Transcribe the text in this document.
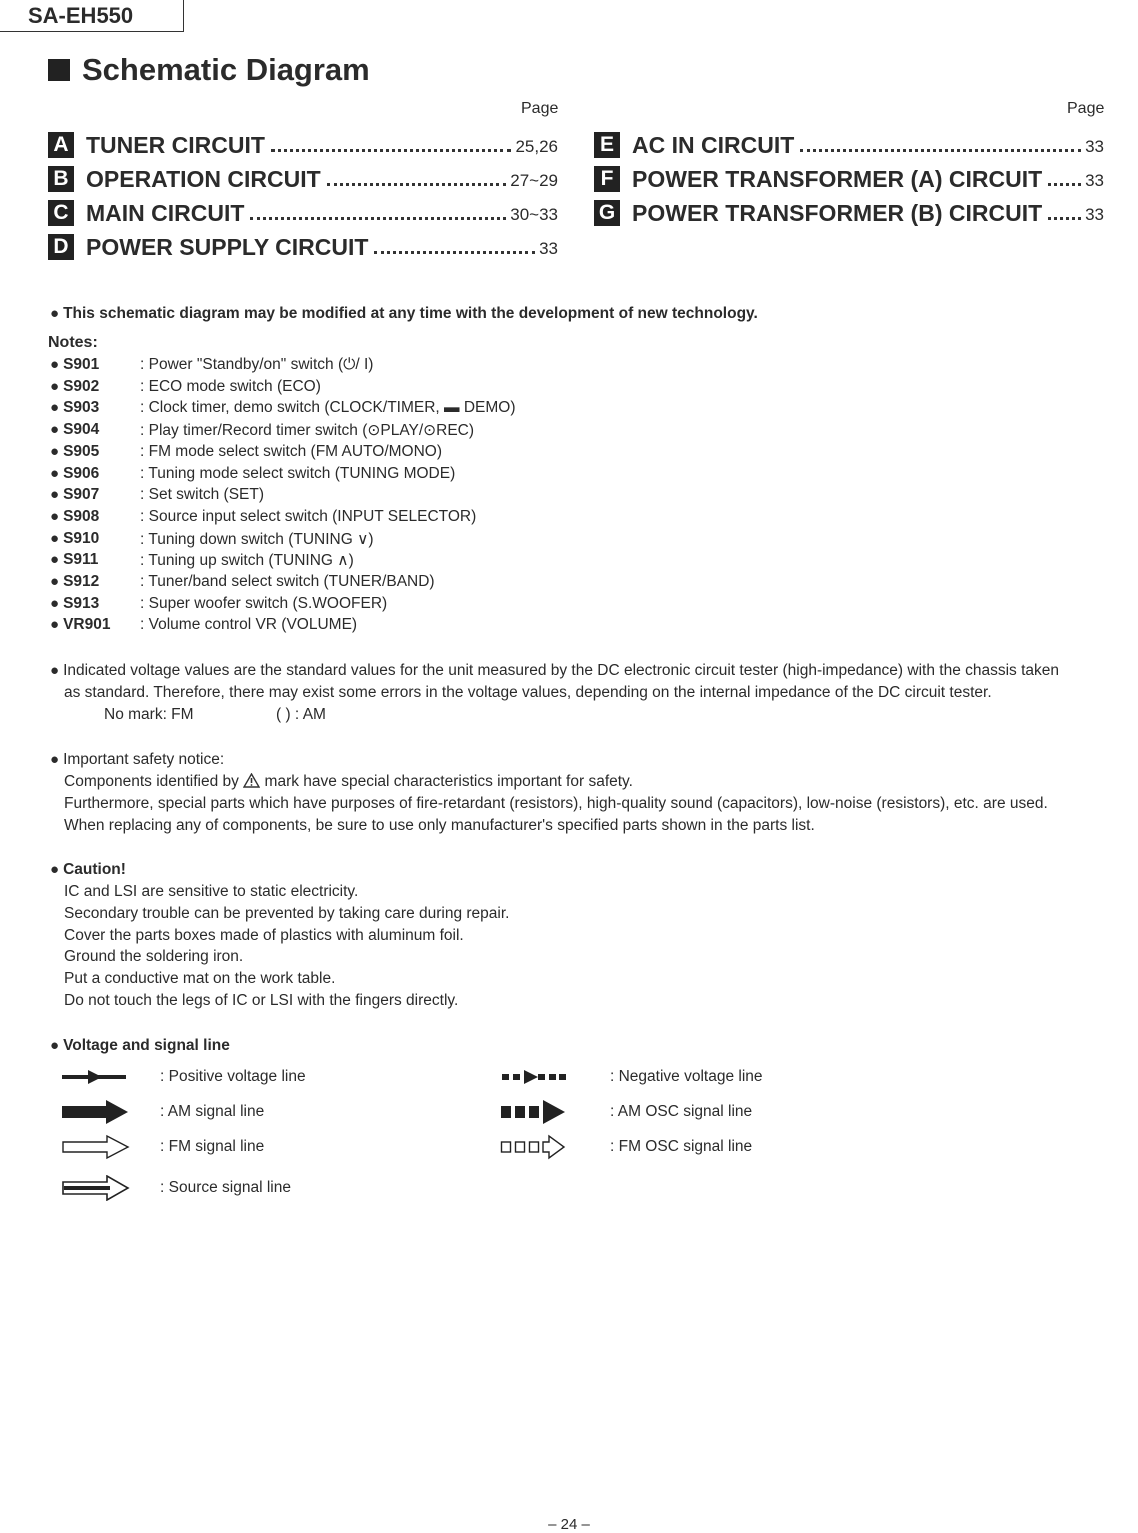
SA-EH550
Schematic Diagram
Page	Page
A TUNER CIRCUIT	25,26
B OPERATION CIRCUIT	27~29
C MAIN CIRCUIT	30~33
D POWER SUPPLY CIRCUIT	33
E AC IN CIRCUIT	33
F POWER TRANSFORMER (A) CIRCUIT	33
G POWER TRANSFORMER (B) CIRCUIT	33
● This schematic diagram may be modified at any time with the development of new technology.
Notes:
● S901	: Power "Standby/on" switch (⏻/ I)
● S902	: ECO mode switch (ECO)
● S903	: Clock timer, demo switch (CLOCK/TIMER, ▬ DEMO)
● S904	: Play timer/Record timer switch (⊙PLAY/⊙REC)
● S905	: FM mode select switch (FM AUTO/MONO)
● S906	: Tuning mode select switch (TUNING MODE)
● S907	: Set switch (SET)
● S908	: Source input select switch (INPUT SELECTOR)
● S910	: Tuning down switch (TUNING ∨)
● S911	: Tuning up switch (TUNING ∧)
● S912	: Tuner/band select switch (TUNER/BAND)
● S913	: Super woofer switch (S.WOOFER)
● VR901	: Volume control VR (VOLUME)
● Indicated voltage values are the standard values for the unit measured by the DC electronic circuit tester (high-impedance) with the chassis taken
as standard. Therefore, there may exist some errors in the voltage values, depending on the internal impedance of the DC circuit tester.
No mark: FM	( ) : AM
● Important safety notice:
Components identified by mark have special characteristics important for safety.
Furthermore, special parts which have purposes of fire-retardant (resistors), high-quality sound (capacitors), low-noise (resistors), etc. are used.
When replacing any of components, be sure to use only manufacturer's specified parts shown in the parts list.
● Caution!
IC and LSI are sensitive to static electricity.
Secondary trouble can be prevented by taking care during repair.
Cover the parts boxes made of plastics with aluminum foil.
Ground the soldering iron.
Put a conductive mat on the work table.
Do not touch the legs of IC or LSI with the fingers directly.
● Voltage and signal line
: Positive voltage line
: AM signal line
: FM signal line
: Source signal line
: Negative voltage line
: AM OSC signal line
: FM OSC signal line
– 24 –
